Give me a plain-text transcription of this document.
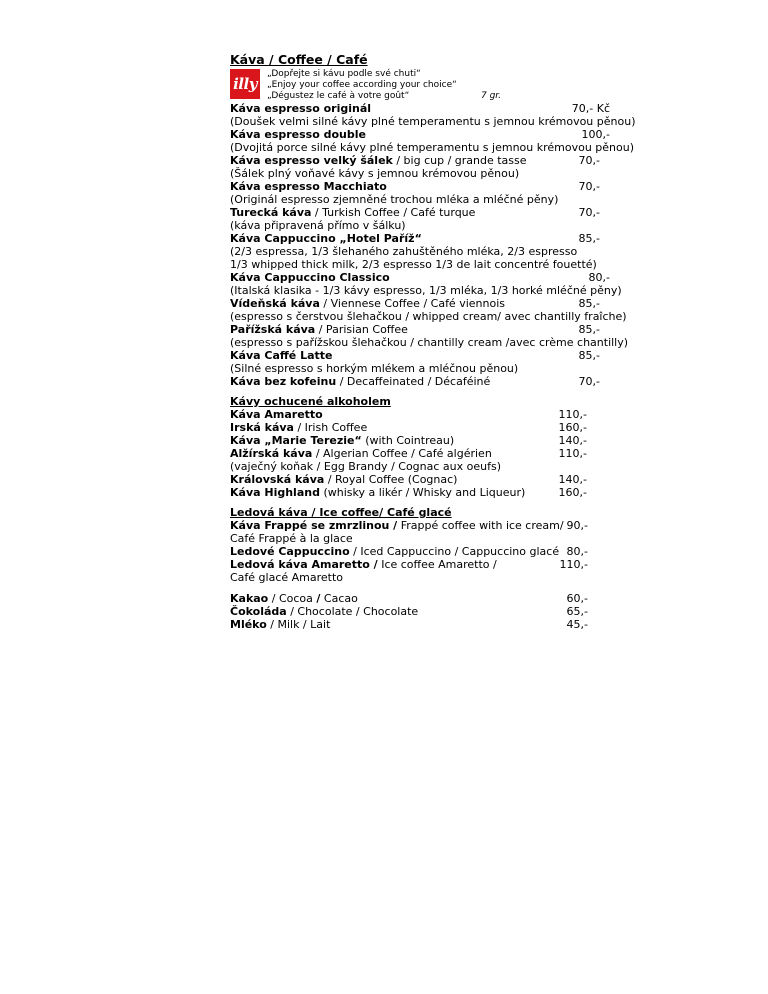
Káva / Coffee / Café
illy
„Dopřejte si kávu podle své chuti“
„Enjoy your coffee according your choice“
„Dégustez le café à votre goût“	7 gr.
Káva espresso originál	70,- Kč
(Doušek velmi silné kávy plné temperamentu s jemnou krémovou pěnou)
Káva espresso double	100,-
(Dvojitá porce silné kávy plné temperamentu s jemnou krémovou pěnou)
Káva espresso velký šálek / big cup / grande tasse	70,-
(Šálek plný voňavé kávy s jemnou krémovou pěnou)
Káva espresso Macchiato	70,-
(Originál espresso zjemněné trochou mléka a mléčné pěny)
Turecká káva / Turkish Coffee / Café turque	70,-
(káva připravená přímo v šálku)
Káva Cappuccino „Hotel Paříž“	85,-
(2/3 espressa, 1/3 šlehaného zahuštěného mléka, 2/3 espresso
1/3 whipped thick milk, 2/3 espresso 1/3 de lait concentré fouetté)
Káva Cappuccino Classico	80,-
(Italská klasika - 1/3 kávy espresso, 1/3 mléka, 1/3 horké mléčné pěny)
Vídeňská káva / Viennese Coffee / Café viennois	85,-
(espresso s čerstvou šlehačkou / whipped cream/ avec chantilly fraîche)
Pařížská káva / Parisian Coffee	85,-
(espresso s pařížskou šlehačkou / chantilly cream /avec crème chantilly)
Káva Caffé Latte	85,-
(Silné espresso s horkým mlékem a mléčnou pěnou)
Káva bez kofeinu / Decaffeinated / Décaféiné	70,-
Kávy ochucené alkoholem
Káva Amaretto	110,-
Irská káva / Irish Coffee	160,-
Káva „Marie Terezie“ (with Cointreau)	140,-
Alžírská káva / Algerian Coffee / Café algérien	110,-
(vaječný koňak / Egg Brandy / Cognac aux oeufs)
Královská káva / Royal Coffee (Cognac)	140,-
Káva Highland (whisky a likér / Whisky and Liqueur)	160,-
Ledová káva / Ice coffee/ Café glacé
Káva Frappé se zmrzlinou / Frappé coffee with ice cream/ 90,-
Café Frappé à la glace
Ledové Cappuccino / Iced Cappuccino / Cappuccino glacé 80,-
Ledová káva Amaretto / Ice coffee Amaretto /	110,-
Café glacé Amaretto
Kakao / Cocoa / Cacao	60,-
Čokoláda / Chocolate / Chocolate	65,-
Mléko / Milk / Lait	45,-
